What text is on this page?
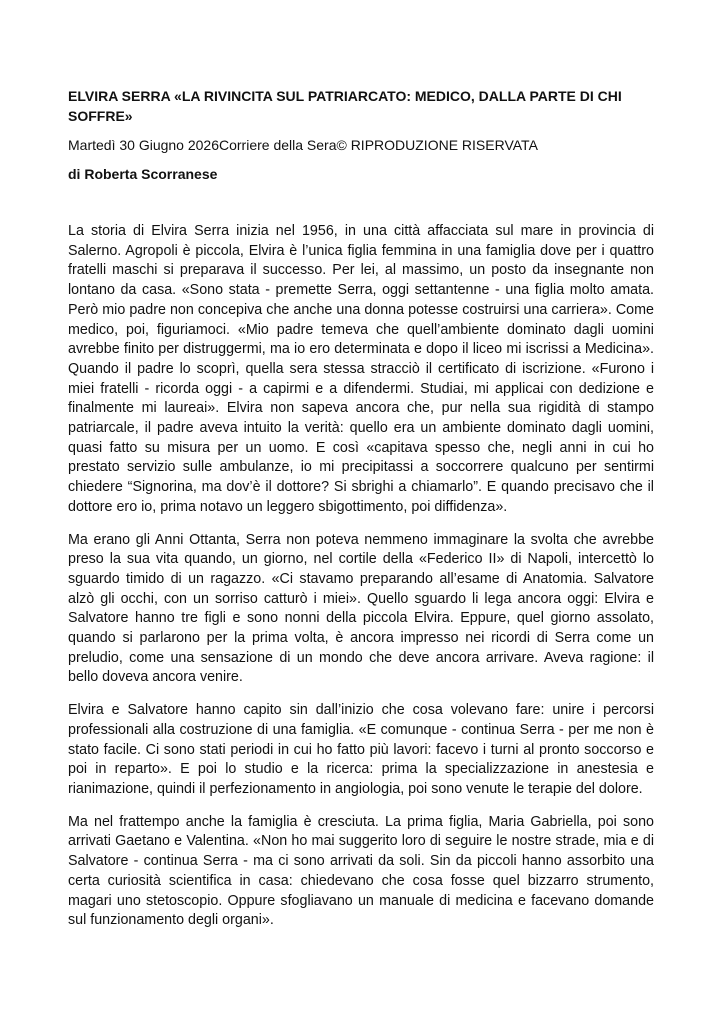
ELVIRA SERRA «LA RIVINCITA SUL PATRIARCATO: MEDICO, DALLA PARTE DI CHI SOFFRE»
Martedì 30 Giugno 2026Corriere della Sera© RIPRODUZIONE RISERVATA
di Roberta Scorranese

La storia di Elvira Serra inizia nel 1956, in una città affacciata sul mare in provincia di Salerno. Agropoli è piccola, Elvira è l’unica figlia femmina in una famiglia dove per i quattro fratelli maschi si preparava il successo. Per lei, al massimo, un posto da insegnante non lontano da casa. «Sono stata - premette Serra, oggi settantenne - una figlia molto amata. Però mio padre non concepiva che anche una donna potesse costruirsi una carriera». Come medico, poi, figuriamoci. «Mio padre temeva che quell’ambiente dominato dagli uomini avrebbe finito per distruggermi, ma io ero determinata e dopo il liceo mi iscrissi a Medicina». Quando il padre lo scoprì, quella sera stessa stracciò il certificato di iscrizione. «Furono i miei fratelli - ricorda oggi - a capirmi e a difendermi. Studiai, mi applicai con dedizione e finalmente mi laureai». Elvira non sapeva ancora che, pur nella sua rigidità di stampo patriarcale, il padre aveva intuito la verità: quello era un ambiente dominato dagli uomini, quasi fatto su misura per un uomo. E così «capitava spesso che, negli anni in cui ho prestato servizio sulle ambulanze, io mi precipitassi a soccorrere qualcuno per sentirmi chiedere “Signorina, ma dov’è il dottore? Si sbrighi a chiamarlo”. E quando precisavo che il dottore ero io, prima notavo un leggero sbigottimento, poi diffidenza».

Ma erano gli Anni Ottanta, Serra non poteva nemmeno immaginare la svolta che avrebbe preso la sua vita quando, un giorno, nel cortile della «Federico II» di Napoli, intercettò lo sguardo timido di un ragazzo. «Ci stavamo preparando all’esame di Anatomia. Salvatore alzò gli occhi, con un sorriso catturò i miei». Quello sguardo li lega ancora oggi: Elvira e Salvatore hanno tre figli e sono nonni della piccola Elvira. Eppure, quel giorno assolato, quando si parlarono per la prima volta, è ancora impresso nei ricordi di Serra come un preludio, come una sensazione di un mondo che deve ancora arrivare. Aveva ragione: il bello doveva ancora venire.

Elvira e Salvatore hanno capito sin dall’inizio che cosa volevano fare: unire i percorsi professionali alla costruzione di una famiglia. «E comunque - continua Serra - per me non è stato facile. Ci sono stati periodi in cui ho fatto più lavori: facevo i turni al pronto soccorso e poi in reparto». E poi lo studio e la ricerca: prima la specializzazione in anestesia e rianimazione, quindi il perfezionamento in angiologia, poi sono venute le terapie del dolore.

Ma nel frattempo anche la famiglia è cresciuta. La prima figlia, Maria Gabriella, poi sono arrivati Gaetano e Valentina. «Non ho mai suggerito loro di seguire le nostre strade, mia e di Salvatore - continua Serra - ma ci sono arrivati da soli. Sin da piccoli hanno assorbito una certa curiosità scientifica in casa: chiedevano che cosa fosse quel bizzarro strumento, magari uno stetoscopio. Oppure sfogliavano un manuale di medicina e facevano domande sul funzionamento degli organi».
